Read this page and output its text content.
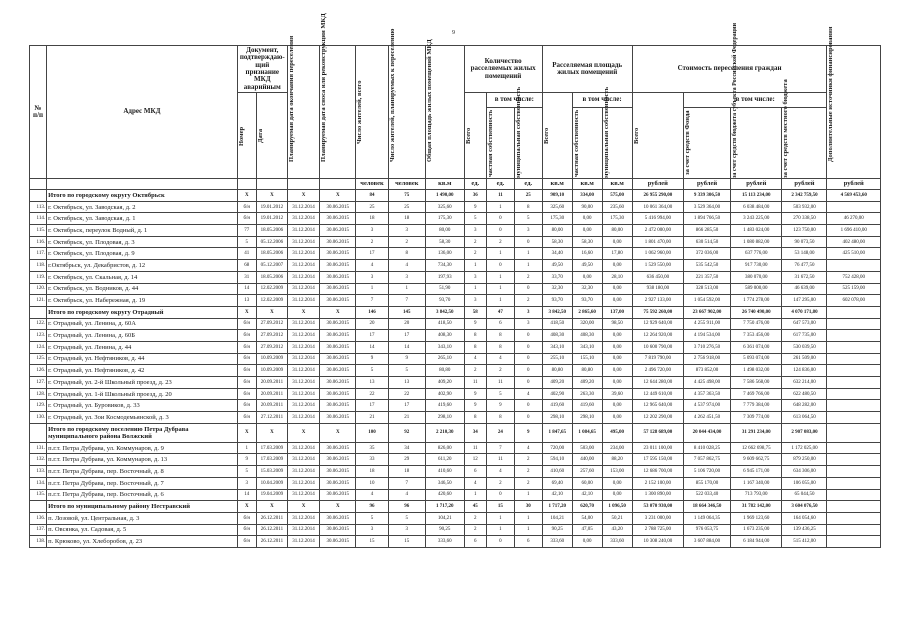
9
№ п/п	Адрес МКД	Документ, подтверждаю-щий признание МКД аварийным		Планируемая дата окончания переселения	Планируемая дата сноса или реконструкции МКД	Число жителей, всего	Число жителей, планируемых к переселению	Общая площадь жилых помещений МКД	Количество расселяемых жилых помещений			Расселяемая площадь жилых помещений			Стоимость переселения граждан				Дополнительные источники финансирования

		Номер	Дата						Всего	в том числе:		Всего	в том числе:		Всего	в том числе:			

										частная собственность	муниципальная собственность		частная собственность	муниципальная собственность		за счет средств Фонда	за счет средств бюджета субъекта Российской Федерации	за счет средств местного бюджета	

						человек	человек	кв.м	ед.	ед.	ед.	кв.м	кв.м	кв.м	рублей	рублей	рублей	рублей	рублей
	Итого по городскому округу Октябрьск	X	X	X	X	84	75	1 490,00	36	11	25	909,10	334,00	575,00	26 955 290,00	9 339 306,50	15 113 234,00	2 342 759,50	4 569 453,60
113.	г. Октябрьск, ул. Заводская, д. 2	б/н	19.01.2012	31.12.2014	30.06.2015	25	25	325,60	9	1	8	325,60	90,00	235,60	10 061 364,00	3 529 364,00	6 038 484,00	503 932,00	
114.	г. Октябрьск, ул. Заводская, д. 1	б/н	19.01.2012	31.12.2014	30.06.2015	18	18	175,30	5	0	5	175,30	0,00	175,30	5 416 994,00	1 894 766,50	3 243 225,00	270 338,50	46 270,00
115.	г. Октябрьск, переулок Водный, д. 1	77	18.05.2006	31.12.2014	30.06.2015	3	3	80,00	3	0	3	80,00	0,00	80,00	2 472 000,00	866 285,50	1 483 024,00	123 750,00	1 696 410,00
116.	г. Октябрьск, ул. Плодовая, д. 3	5	05.12.2006	31.12.2014	30.06.2015	2	2	58,30	2	2	0	58,30	58,30	0,00	1 801 470,00	630 514,50	1 080 882,00	90 073,50	402 480,00
117.	г. Октябрьск, ул. Плодовая, д. 9	41	18.05.2006	31.12.2014	30.06.2015	17	8	136,00	2	1	1	34,40	16,60	17,80	1 062 960,00	372 036,00	637 776,00	53 148,00	425 510,00
118.	г.Октябрьск, ул. Декабристов, д. 12	68	05.12.2007	31.12.2014	30.06.2015	4	4	734,30	1	0	1	49,50	49,50	0,00	1 529 550,00	535 542,50	917 730,00	76 477,50	
119.	г. Октябрьск, ул. Скальная, д. 14	31	18.05.2006	31.12.2014	30.06.2015	3	3	197,93	3	1	2	33,70	0,00	28,10	636 450,00	221 357,50	380 070,00	31 672,50	752 428,00
120.	г. Октябрьск, ул. Водников, д. 44	14	12.02.2009	31.12.2014	30.06.2015	1	1	51,90	1	1	0	32,30	32,30	0,00	938 180,00	328 513,00	589 000,00	46 639,00	525 159,00
121.	г. Октябрьск, ул. Набережная, д. 19	13	12.02.2009	31.12.2014	30.06.2015	7	7	93,70	3	1	2	93,70	93,70	0,00	2 927 133,00	1 054 592,00	1 774 278,00	147 295,00	602 078,00
	Итого по городскому округу Отрадный	X	X	X	X	146	145	3 842,50	58	47	3	3 842,50	2 865,60	137,00	75 592 260,00	23 667 902,00	26 740 490,00	4 070 171,80	
122.	г. Отрадный, ул. Ленина, д. 60А	б/н	27.09.2012	31.12.2014	30.06.2015	20	20	418,50	9	6	3	418,50	320,00	98,50	12 929 640,00	4 255 911,00	7 750 476,00	647 573,00	
123.	г. Отрадный, ул. Ленина, д. 60Б	б/н	27.09.2012	31.12.2014	30.06.2015	17	17	408,30	8	8	0	408,30	408,30	0,00	12 264 920,00	4 194 534,00	7 353 456,00	617 735,00	
124.	г. Отрадный, ул. Ленина, д. 44	б/н	27.09.2012	31.12.2014	30.06.2015	14	14	343,10	8	8	0	343,10	343,10	0,00	10 600 790,00	3 710 276,50	6 361 074,00	530 039,50	
125.	г. Отрадный, ул. Нефтяников, д. 44	б/н	10.09.2009	31.12.2014	30.06.2015	9	9	265,10	4	4	0	255,10	155,10	0,00	7 819 790,00	2 756 918,00	5 093 074,00	261 509,00	
126.	г. Отрадный, ул. Нефтяников, д. 42	б/н	10.09.2009	31.12.2014	30.06.2015	5	5	80,80	2	2	0	80,80	80,80	0,00	2 496 720,00	873 852,00	1 498 032,00	124 836,00	
127.	г. Отрадный, ул. 2-й Школьный проезд, д. 23	б/н	20.09.2011	31.12.2014	30.06.2015	13	13	409,20	11	11	0	409,20	409,20	0,00	12 644 280,00	4 425 498,00	7 586 568,00	632 214,00	
128.	г. Отрадный, ул. 1-й Школьный проезд, д. 20	б/н	20.09.2011	31.12.2014	30.06.2015	22	22	402,90	9	5	4	402,90	263,30	39,60	12 449 610,00	4 357 363,50	7 469 766,00	622 480,50	
129.	г. Отрадный, ул. Буровиков, д. 33	б/н	20.09.2011	31.12.2014	30.06.2015	17	17	419,60	9	9	0	419,60	419,60	0,00	12 965 640,00	4 537 974,00	7 779 384,00	648 282,00	
130.	г. Отрадный, ул. Зои Космодемьянской, д. 3	б/н	27.12.2011	31.12.2014	30.06.2015	21	21	298,10	8	8	0	298,10	298,10	0,00	12 202 290,00	4 262 451,50	7 309 774,00	613 064,50	
	Итого по городскому поселению Петра Дубрава муниципального района Волжский	X	X	X	X	100	92	2 210,30	34	24	9	1 847,65	1 084,65	495,00	57 128 689,00	20 044 434,00	31 291 234,00	2 907 083,00	
131.	п.г.т. Петра Дубрава, ул. Коммунаров, д. 9	1	17.03.2009	31.12.2014	30.06.2015	35	34	826,00	11	7	4	720,00	503,00	234,00	23 011 100,00	8 410 028,25	12 662 698,75	1 172 025,00	
132.	п.г.т. Петра Дубрава, ул. Коммунаров, д. 13	9	17.03.2009	31.12.2014	30.06.2015	33	29	611,20	12	11	2	594,10	440,00	88,20	17 595 150,00	7 057 862,75	9 609 662,75	879 250,00	
133.	п.г.т. Петра Дубрава, пер. Восточный, д. 8	5	15.03.2009	31.12.2014	30.06.2015	18	18	410,60	6	4	2	410,60	257,60	153,00	12 686 700,00	5 106 720,00	6 945 171,00	634 306,00	
134.	п.г.т. Петра Дубрава, пер. Восточный, д. 7	3	10.04.2009	31.12.2014	30.06.2015	10	7	346,50	4	2	2	69,40	60,00	0,00	2 152 100,00	855 170,00	1 167 340,00	106 055,00	
135.	п.г.т. Петра Дубрава, пер. Восточный, д. 6	14	19.04.2009	31.12.2014	30.06.2015	4	4	420,60	1	0	1	42,10	42,10	0,00	1 300 890,00	522 033,40	713 793,00	65 044,50	
	Итого по муниципальному району Нестравский	X	X	X	X	96	96	1 717,20	45	15	30	1 717,20	620,70	1 096,50	53 070 930,00	18 664 346,50	31 782 142,00	3 604 076,50	
136.	п. Лозовой, ул. Центральная, д. 3	б/н	26.12.2011	31.12.2014	30.06.2015	5	5	104,21	2	1	1	104,21	54,00	50,21	3 231 000,00	1 149 064,35	1 969 123,60	164 054,60	
137.	п. Овсянка, ул. Садовая, д. 5	б/н	26.12.2011	31.12.2014	30.06.2015	3	3	90,25	2	1	1	90,25	47,05	43,20	2 788 725,00	976 053,75	1 673 235,00	139 436,25	
138.	п. Крюково, ул. Хлеборобов, д. 23	б/н	26.12.2011	31.12.2014	30.06.2015	15	15	333,60	6	0	6	333,60	0,00	333,60	10 308 240,00	3 607 884,00	6 184 944,00	515 412,00	
